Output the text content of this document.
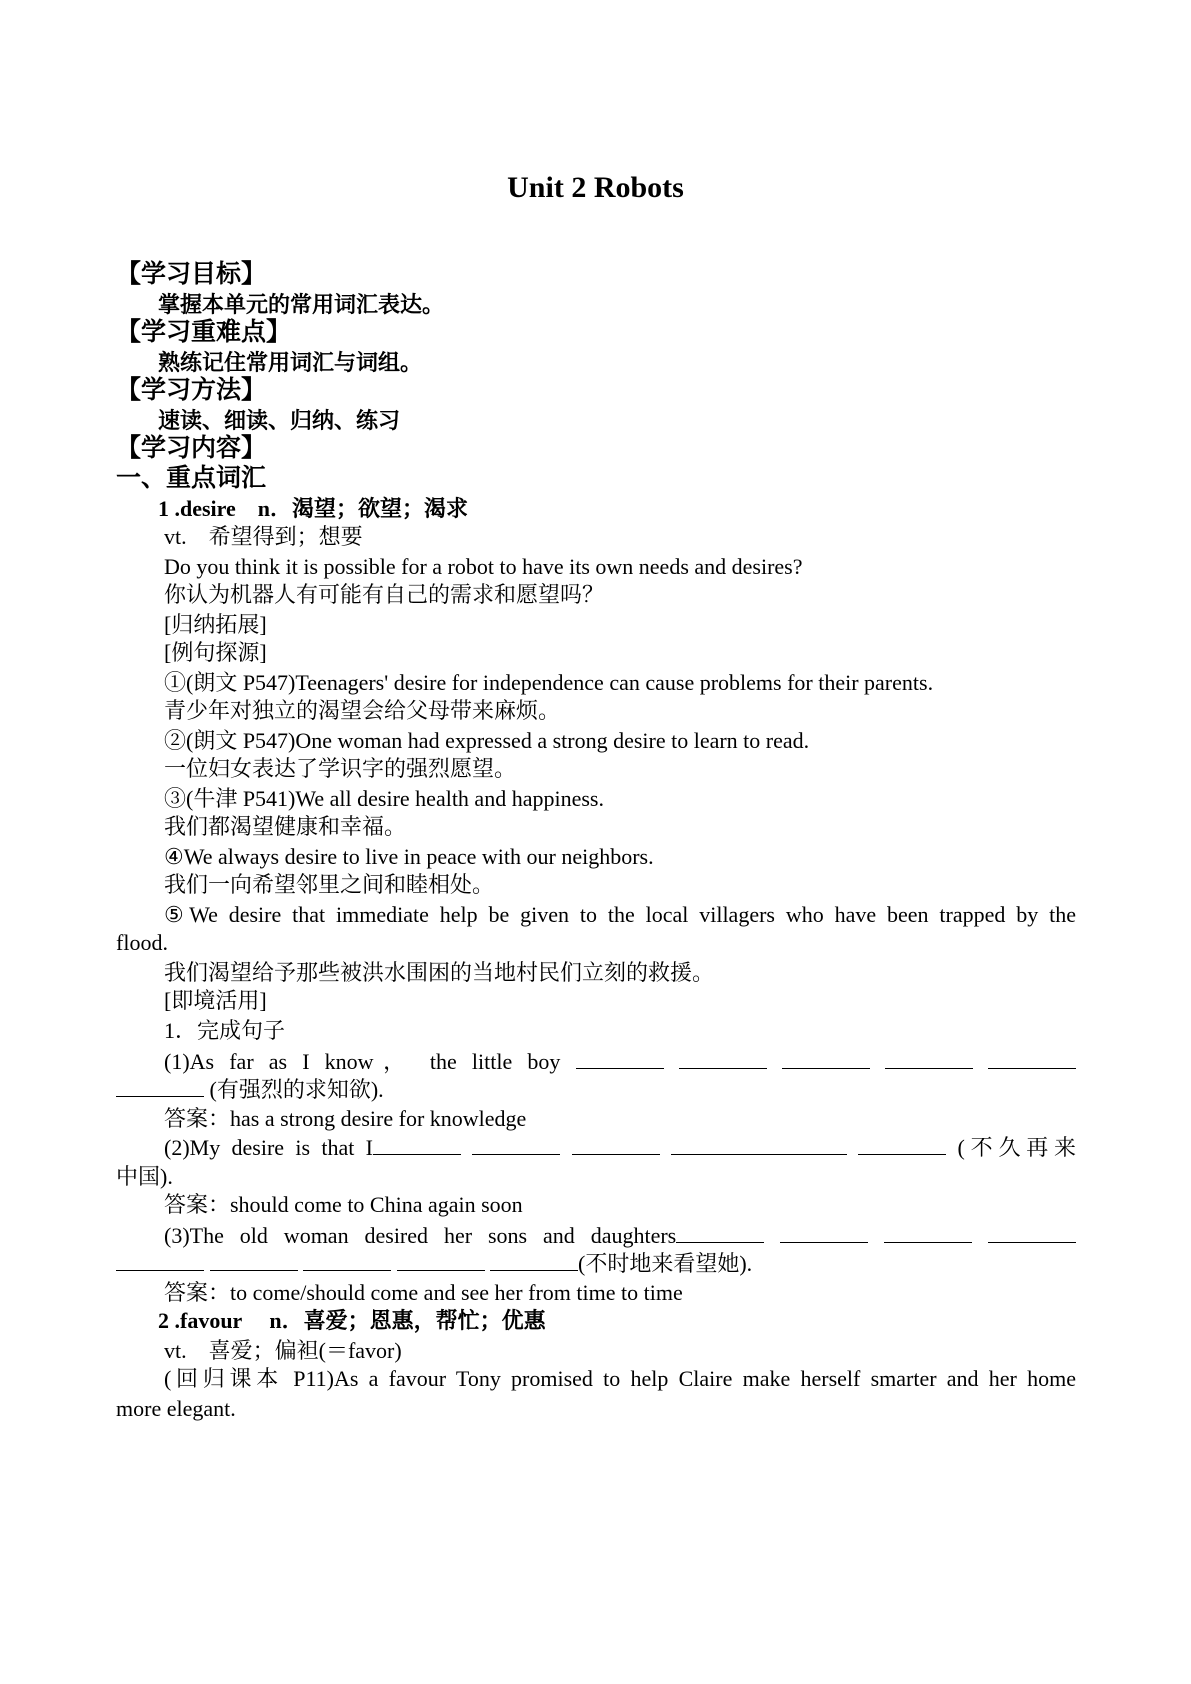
Unit 2 Robots
【学习目标】
掌握本单元的常用词汇表达。
【学习重难点】
熟练记住常用词汇与词组。
【学习方法】
速读、细读、归纳、练习
【学习内容】
一、重点词汇
1 .desire　n．渴望；欲望；渴求
vt.　希望得到；想要
Do you think it is possible for a robot to have its own needs and desires?
你认为机器人有可能有自己的需求和愿望吗？
[归纳拓展]
[例句探源]
①(朗文 P547)Teenagers' desire for independence can cause problems for their parents.
青少年对独立的渴望会给父母带来麻烦。
②(朗文 P547)One woman had expressed a strong desire to learn to read.
一位妇女表达了学识字的强烈愿望。
③(牛津 P541)We all desire health and happiness.
我们都渴望健康和幸福。
④We always desire to live in peace with our neighbors.
我们一向希望邻里之间和睦相处。
⑤We desire that immediate help be given to the local villagers who have been trapped by the
flood.
我们渴望给予那些被洪水围困的当地村民们立刻的救援。
[即境活用]
1．完成句子
(1)As far as I know， the little boy
(有强烈的求知欲).
答案：has a strong desire for knowledge
(2)My desire is that I	(不久再来
中国).
答案：should come to China again soon
(3)The old woman desired her sons and daughters
(不时地来看望她).
答案：to come/should come and see her from time to time
2 .favour　 n．喜爱；恩惠，帮忙；优惠
vt.　喜爱；偏袒(＝favor)
(回归课本 P11)As a favour Tony promised to help Claire make herself smarter and her home
more elegant.
